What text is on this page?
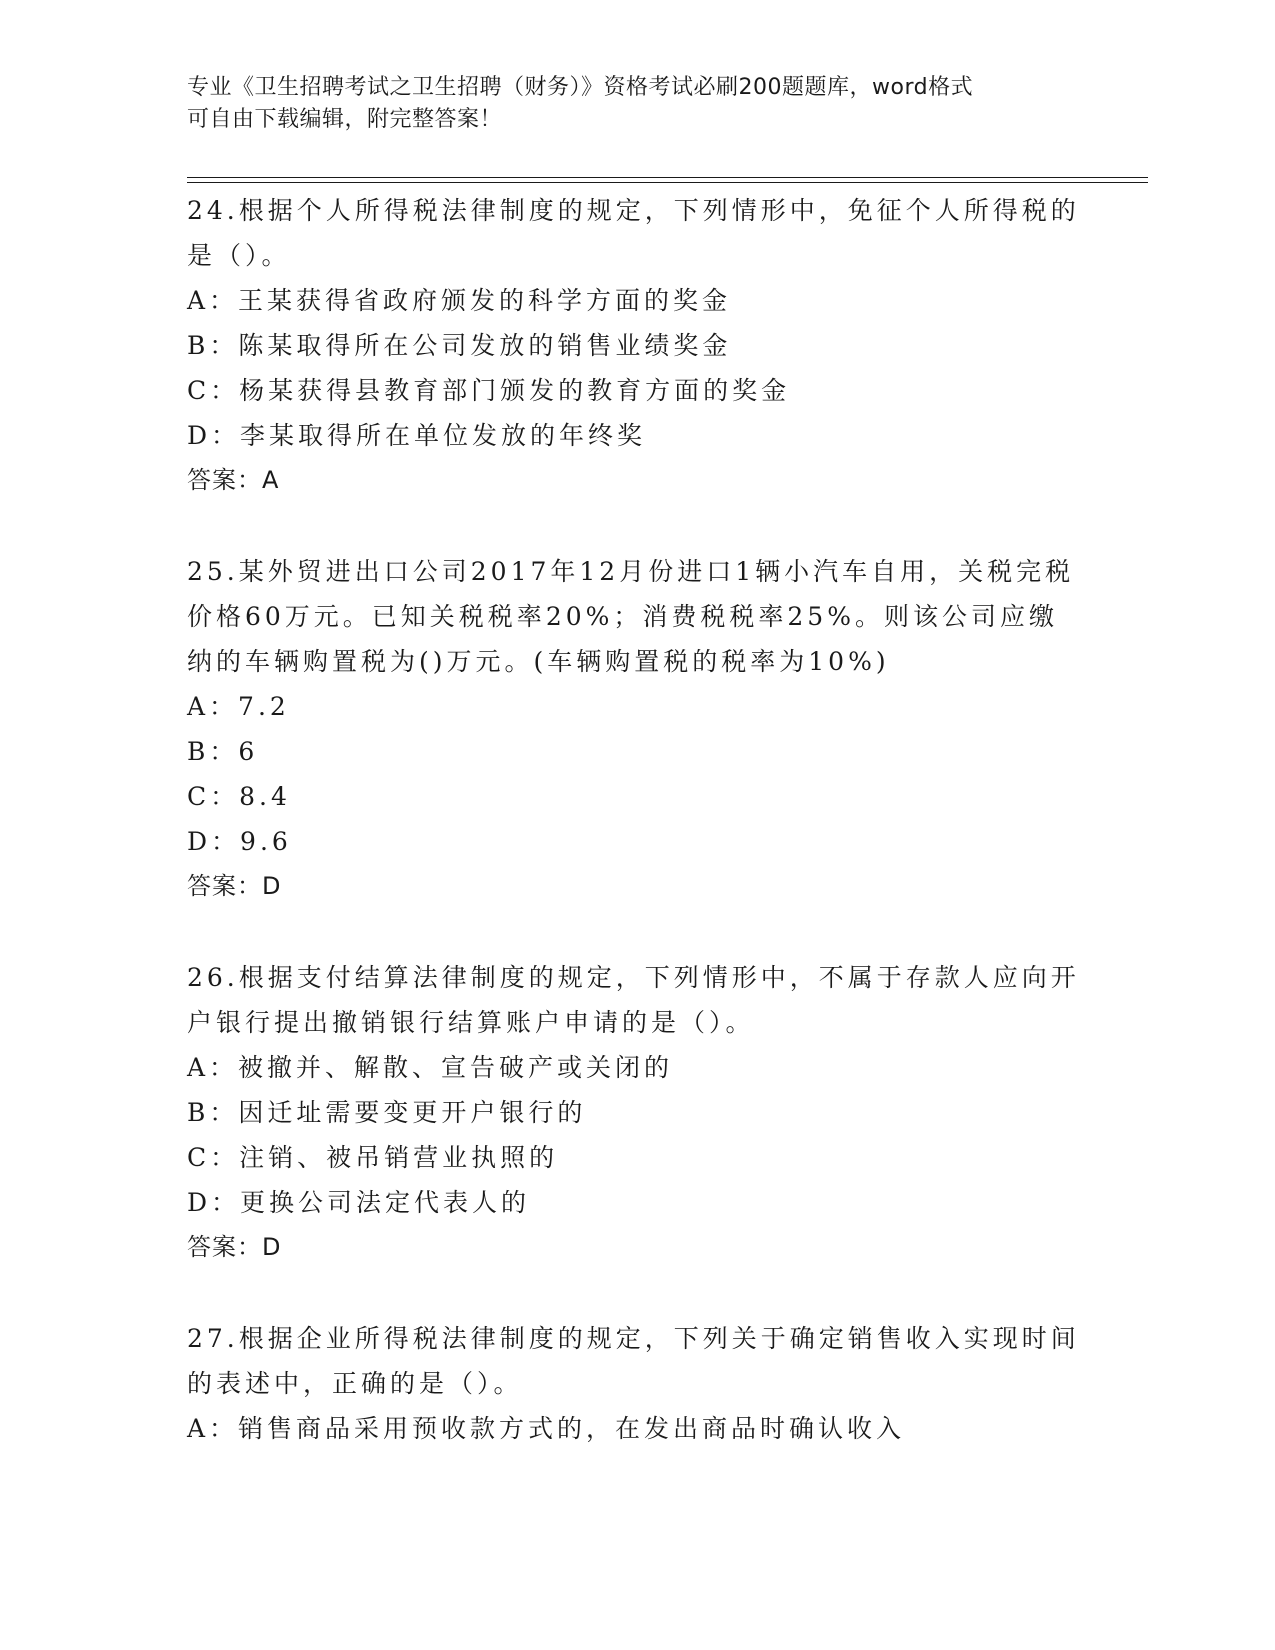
专业《卫生招聘考试之卫生招聘（财务）》资格考试必刷200题题库，word格式
可自由下载编辑，附完整答案！

24.根据个人所得税法律制度的规定，下列情形中，免征个人所得税的

是（）。

A：王某获得省政府颁发的科学方面的奖金

B：陈某取得所在公司发放的销售业绩奖金

C：杨某获得县教育部门颁发的教育方面的奖金

D：李某取得所在单位发放的年终奖

答案：A

25.某外贸进出口公司2017年12月份进口1辆小汽车自用，关税完税

价格60万元。已知关税税率20%；消费税税率25%。则该公司应缴

纳的车辆购置税为()万元。(车辆购置税的税率为10%)

A：7.2

B：6

C：8.4

D：9.6

答案：D

26.根据支付结算法律制度的规定，下列情形中，不属于存款人应向开

户银行提出撤销银行结算账户申请的是（）。

A：被撤并、解散、宣告破产或关闭的

B：因迁址需要变更开户银行的

C：注销、被吊销营业执照的

D：更换公司法定代表人的

答案：D

27.根据企业所得税法律制度的规定，下列关于确定销售收入实现时间

的表述中，正确的是（）。

A：销售商品采用预收款方式的，在发出商品时确认收入
